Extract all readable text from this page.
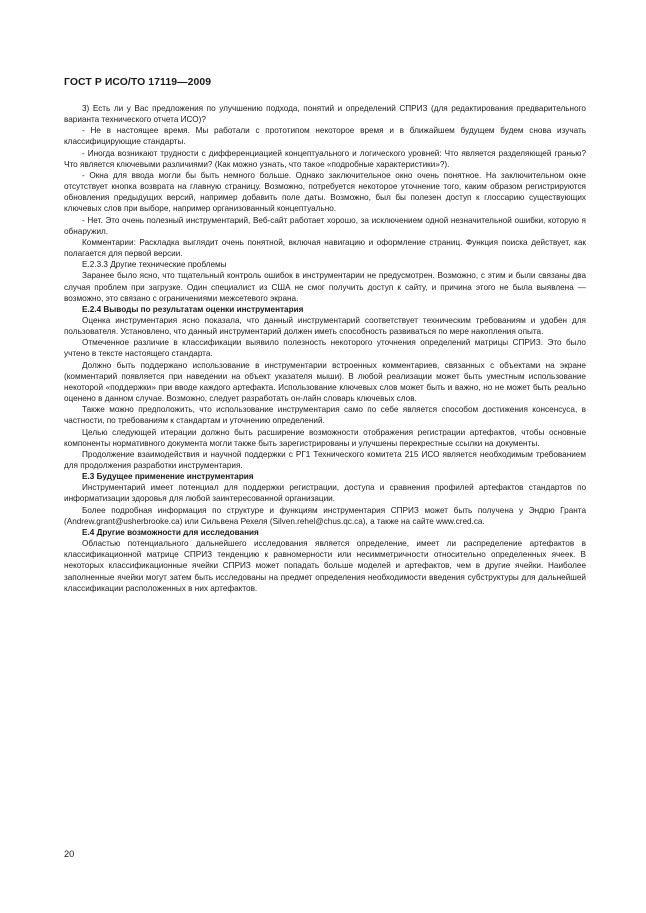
ГОСТ Р ИСО/ТО 17119—2009

3) Есть ли у Вас предложения по улучшению подхода, понятий и определений СПРИЗ (для редактирования предварительного варианта технического отчета ИСО)?

- Не в настоящее время. Мы работали с прототипом некоторое время и в ближайшем будущем будем снова изучать классифицирующие стандарты.

- Иногда возникают трудности с дифференциацией концептуального и логического уровней: Что является разделяющей гранью? Что является ключевыми различиями? (Как можно узнать, что такое «подробные характеристики»?).

- Окна для ввода могли бы быть немного больше. Однако заключительное окно очень понятное. На заключительном окне отсутствует кнопка возврата на главную страницу. Возможно, потребуется некоторое уточнение того, каким образом регистрируются обновления предыдущих версий, например добавить поле даты. Возможно, был бы полезен доступ к глоссарию существующих ключевых слов при выборе, например организованный концептуально.

- Нет. Это очень полезный инструментарий, Веб-сайт работает хорошо, за исключением одной незначительной ошибки, которую я обнаружил.

Комментарии: Раскладка выглядит очень понятной, включая навигацию и оформление страниц. Функция поиска действует, как полагается для первой версии.

Е.2.3.3 Другие технические проблемы

Заранее было ясно, что тщательный контроль ошибок в инструментарии не предусмотрен. Возможно, с этим и были связаны два случая проблем при загрузке. Один специалист из США не смог получить доступ к сайту, и причина этого не была выявлена — возможно, это связано с ограничениями межсетевого экрана.

Е.2.4 Выводы по результатам оценки инструментария

Оценка инструментария ясно показала, что данный инструментарий соответствует техническим требованиям и удобен для пользователя. Установлено, что данный инструментарий должен иметь способность развиваться по мере накопления опыта.

Отмеченное различие в классификации выявило полезность некоторого уточнения определений матрицы СПРИЗ. Это было учтено в тексте настоящего стандарта.

Должно быть поддержано использование в инструментарии встроенных комментариев, связанных с объектами на экране (комментарий появляется при наведении на объект указателя мыши). В любой реализации может быть уместным использование некоторой «поддержки» при вводе каждого артефакта. Использование ключевых слов может быть и важно, но не может быть реально оценено в данном случае. Возможно, следует разработать он-лайн словарь ключевых слов.

Также можно предположить, что использование инструментария само по себе является способом достижения консенсуса, в частности, по требованиям к стандартам и уточнению определений.

Целью следующей итерации должно быть расширение возможности отображения регистрации артефактов, чтобы основные компоненты нормативного документа могли также быть зарегистрированы и улучшены перекрестные ссылки на документы.

Продолжение взаимодействия и научной поддержки с РГ1 Технического комитета 215 ИСО является необходимым требованием для продолжения разработки инструментария.

Е.3 Будущее применение инструментария

Инструментарий имеет потенциал для поддержки регистрации, доступа и сравнения профилей артефактов стандартов по информатизации здоровья для любой заинтересованной организации.

Более подробная информация по структуре и функциям инструментария СПРИЗ может быть получена у Эндрю Гранта (Andrew.grant@usherbrooke.ca) или Сильвена Рехеля (Silven.rehel@chus.qc.ca), а также на сайте www.cred.ca.

Е.4 Другие возможности для исследования

Областью потенциального дальнейшего исследования является определение, имеет ли распределение артефактов в классификационной матрице СПРИЗ тенденцию к равномерности или несимметричности относительно определенных ячеек. В некоторых классификационные ячейки СПРИЗ может попадать больше моделей и артефактов, чем в другие ячейки. Наиболее заполненные ячейки могут затем быть исследованы на предмет определения необходимости введения субструктуры для дальнейшей классификации расположенных в них артефактов.

20
